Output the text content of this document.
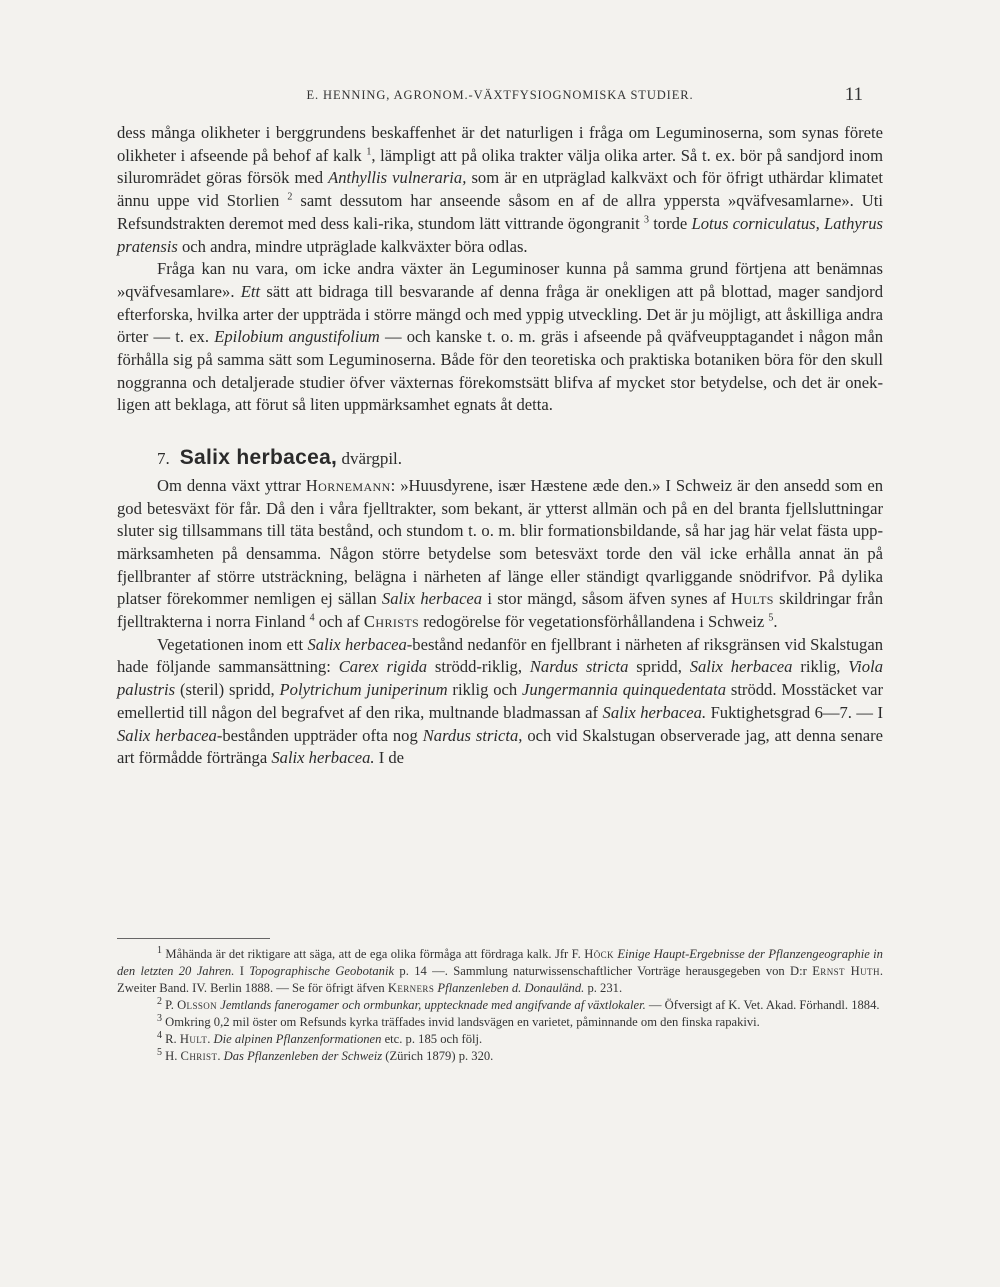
E. HENNING, AGRONOM.-VÄXTFYSIOGNOMISKA STUDIER.	11

dess många olikheter i berggrundens beskaffenhet är det naturligen i fråga om Leguminoserna, som synas förete olikheter i afseende på behof af kalk $^1$, lämpligt att på olika trakter välja olika arter. Så t. ex. bör på sandjord inom siluromrädet göras försök med Anthyllis vulneraria, som är en utpräglad kalkväxt och för öfrigt uthärdar klimatet ännu uppe vid Storlien $^2$ samt dessutom har anseende såsom en af de allra yppersta »qväfvesamlarne». Uti Refsundstrakten deremot med dess kali-rika, stundom lätt vittrande ögongranit $^3$ torde Lotus corniculatus, Lathyrus pratensis och andra, mindre utpräglade kalkväxter böra odlas.

Fråga kan nu vara, om icke andra växter än Leguminoser kunna på samma grund förtjena att benämnas »qväfvesamlare». Ett sätt att bidraga till besvarande af denna fråga är onekligen att på blottad, mager sandjord efterforska, hvilka arter der uppträda i större mängd och med yppig utveckling. Det är ju möjligt, att åskilliga andra örter — t. ex. Epilobium angustifolium — och kanske t. o. m. gräs i afseende på qväfveupptagandet i någon mån förhålla sig på samma sätt som Leguminoserna. Både för den teoretiska och praktiska botaniken böra för den skull noggranna och detaljerade studier öfver växternas förekomstsätt blifva af mycket stor betydelse, och det är onekligen att beklaga, att förut så liten uppmärksamhet egnats åt detta.

7. Salix herbacea, dvärgpil.

Om denna växt yttrar Hornemann: »Huusdyrene, især Hæstene æde den.» I Schweiz är den ansedd som en god betesväxt för får. Då den i våra fjelltrakter, som bekant, är ytterst allmän och på en del branta fjellsluttningar sluter sig tillsammans till täta bestånd, och stundom t. o. m. blir formationsbildande, så har jag här velat fästa uppmärksamheten på densamma. Någon större betydelse som betesväxt torde den väl icke erhålla annat än på fjellbranter af större utsträckning, belägna i närheten af länge eller ständigt qvarliggande snödrifvor. På dylika platser förekommer nemligen ej sällan Salix herbacea i stor mängd, såsom äfven synes af Hults skildringar från fjelltrakterna i norra Finland $^4$ och af Christs redogörelse för vegetationsförhållandena i Schweiz $^5$.

Vegetationen inom ett Salix herbacea-bestånd nedanför en fjellbrant i närheten af riksgränsen vid Skalstugan hade följande sammansättning: Carex rigida strödd-riklig, Nardus stricta spridd, Salix herbacea riklig, Viola palustris (steril) spridd, Polytrichum juniperinum riklig och Jungermannia quinquedentata strödd. Mosstäcket var emellertid till någon del begrafvet af den rika, multnande bladmassan af Salix herbacea. Fuktighetsgrad 6—7. — I Salix herbacea-bestånden uppträder ofta nog Nardus stricta, och vid Skalstugan observerade jag, att denna senare art förmådde förtränga Salix herbacea. I de

$^1$ Måhända är det riktigare att säga, att de ega olika förmåga att fördraga kalk. Jfr F. Höck Einige Haupt-Ergebnisse der Pflanzengeographie in den letzten 20 Jahren. I Topographische Geobotanik p. 14 —. Sammlung naturwissenschaftlicher Vorträge herausgegeben von D:r Ernst Huth. Zweiter Band. IV. Berlin 1888. — Se för öfrigt äfven Kerners Pflanzenleben d. Donauländ. p. 231.

$^2$ P. Olsson Jemtlands fanerogamer och ormbunkar, upptecknade med angifvande af växtlokaler. — Öfversigt af K. Vet. Akad. Förhandl. 1884.

$^3$ Omkring 0,2 mil öster om Refsunds kyrka träffades invid landsvägen en varietet, påminnande om den finska rapakivi.

$^4$ R. Hult. Die alpinen Pflanzenformationen etc. p. 185 och följ.

$^5$ H. Christ. Das Pflanzenleben der Schweiz (Zürich 1879) p. 320.
